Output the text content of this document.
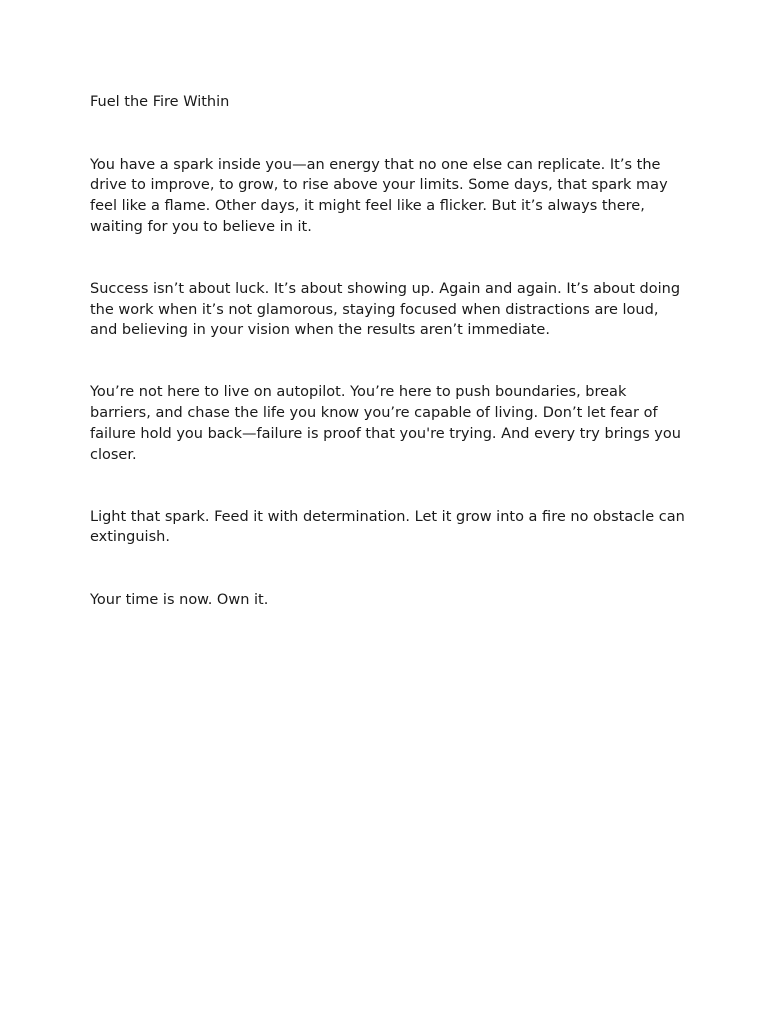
Fuel the Fire Within

You have a spark inside you—an energy that no one else can replicate. It’s the drive to improve, to grow, to rise above your limits. Some days, that spark may feel like a flame. Other days, it might feel like a flicker. But it’s always there, waiting for you to believe in it.

Success isn’t about luck. It’s about showing up. Again and again. It’s about doing the work when it’s not glamorous, staying focused when distractions are loud, and believing in your vision when the results aren’t immediate.

You’re not here to live on autopilot. You’re here to push boundaries, break barriers, and chase the life you know you’re capable of living. Don’t let fear of failure hold you back—failure is proof that you're trying. And every try brings you closer.

Light that spark. Feed it with determination. Let it grow into a fire no obstacle can extinguish.

Your time is now. Own it.
